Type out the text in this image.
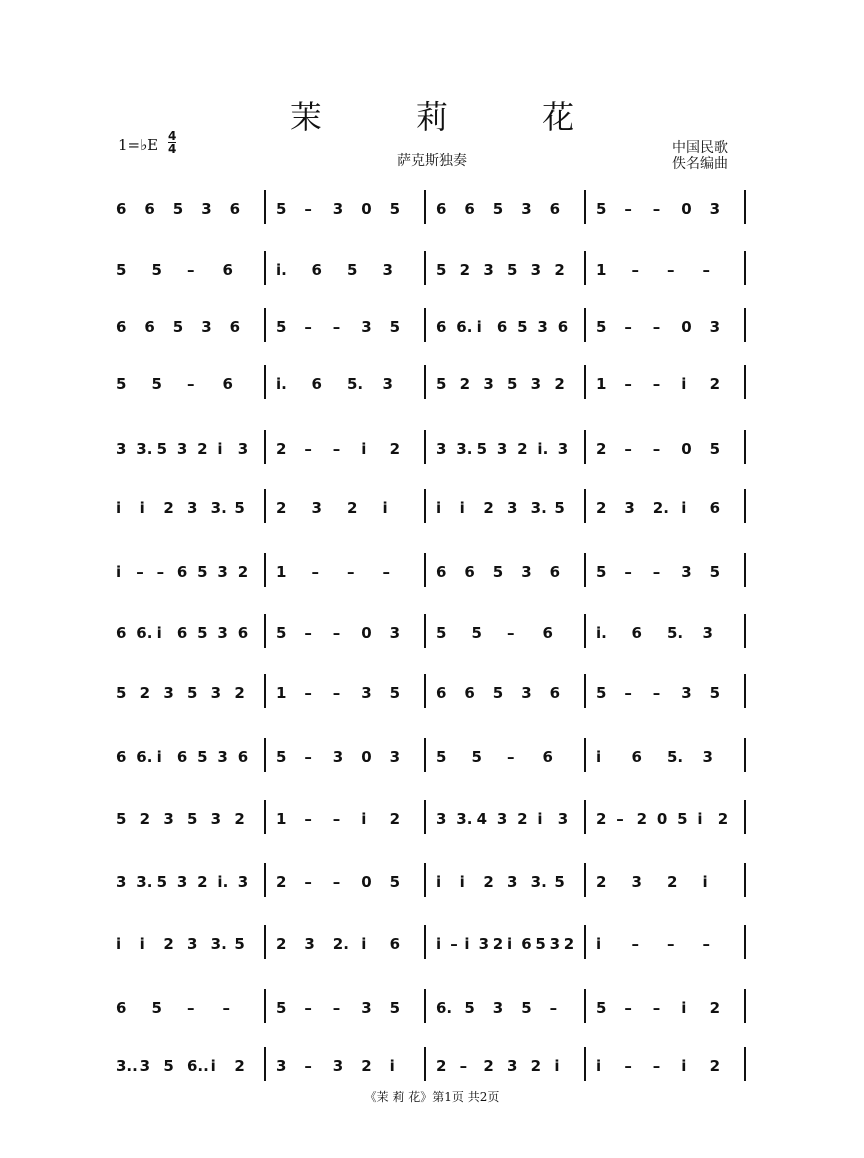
茉 莉 花
1=♭E 4
4
萨克斯独奏
中国民歌
佚名编曲
6 6 5 3 6 5 – 3 0 5 6 6 5 3 6 5 – – 0 3
5 5 – 6	i. 6 5 3	5 2 3 5 3 2 1 – – –
6 6 5 3 6 5 – – 3 5 6 6. i 6 5 3 6 5 – – 0 3
5 5 – 6	i. 6 5. 3	5 2 3 5 3 2 1 – – i 2
3 3. 5 3 2 i 3 2 – – i 2 3 3. 5 3 2 i. 3 2 – – 0 5
i i 2 3 3. 5 2 3 2 i	i i 2 3 3. 5 2 3 2. i 6
i – – 6 5 3 2 1 – – –	6 6 5 3 6 5 – – 3 5
6 6. i 6 5 3 6 5 – – 0 3 5 5 – 6	i. 6 5. 3
5 2 3 5 3 2 1 – – 3 5 6 6 5 3 6 5 – – 3 5
6 6. i 6 5 3 6 5 – 3 0 3 5 5 – 6	i 6 5. 3
5 2 3 5 3 2 1 – – i 2 3 3. 4 3 2 i 3 2 – 2 0 5 i 2
3 3. 5 3 2 i. 3 2 – – 0 5 i i 2 3 3. 5 2 3 2 i
i i 2 3 3. 5 2 3 2. i 6 i – i 3 2 i 6 5 3 2 i – – –
6 5 – –	5 – – 3 5 6. 5 3 5 –	5 – – i 2
3.. 3 5 6.. i 2 3 – 3 2 i	2 – 2 3 2 i i – – i 2
《茉 莉 花》第1页 共2页
